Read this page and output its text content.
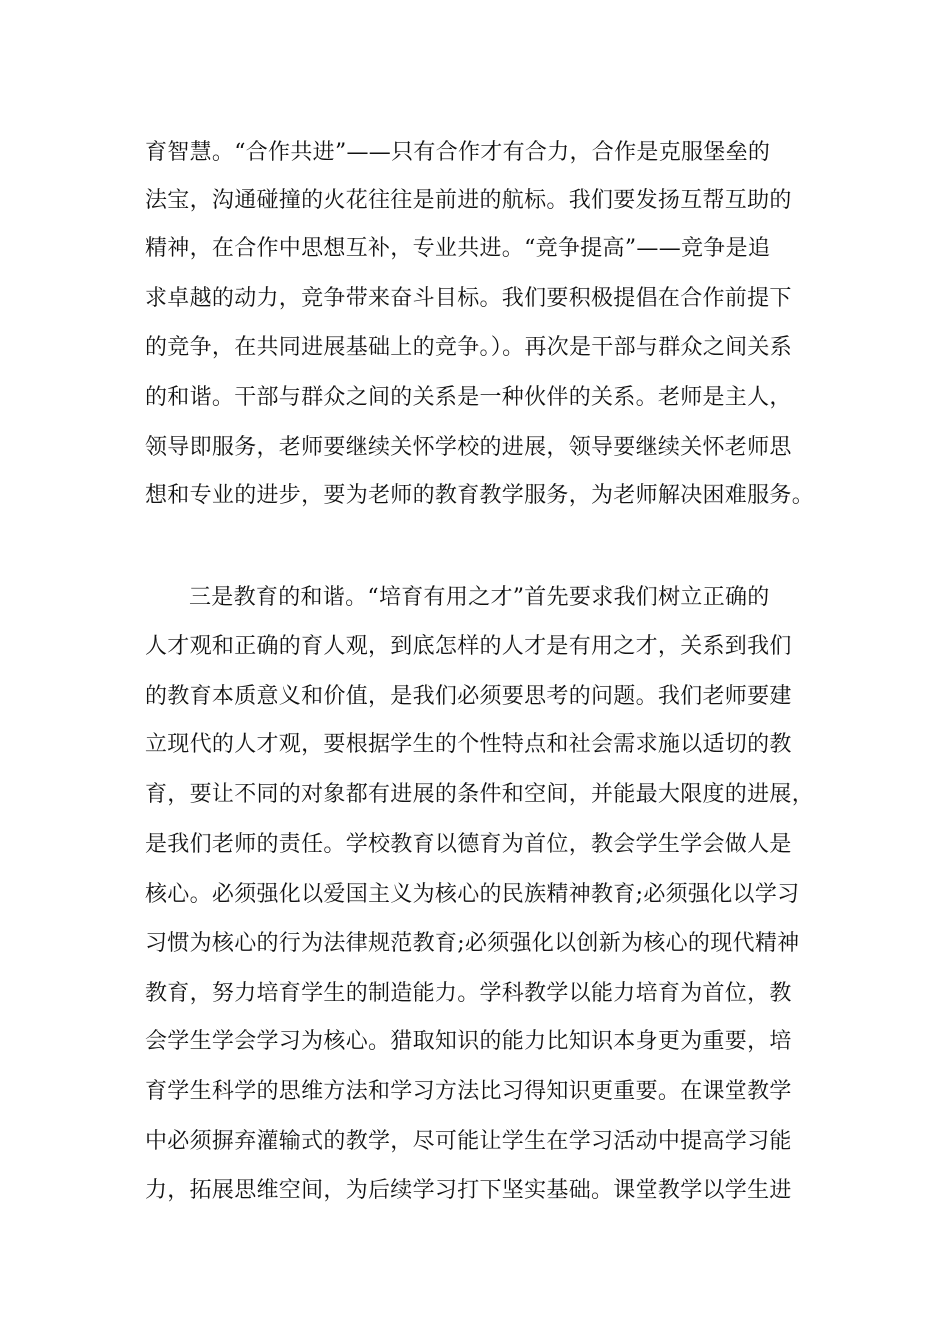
育智慧。“合作共进”——只有合作才有合力，合作是克服堡垒的
法宝，沟通碰撞的火花往往是前进的航标。我们要发扬互帮互助的
精神，在合作中思想互补，专业共进。“竞争提高”——竞争是追
求卓越的动力，竞争带来奋斗目标。我们要积极提倡在合作前提下
的竞争，在共同进展基础上的竞争。）。再次是干部与群众之间关系
的和谐。干部与群众之间的关系是一种伙伴的关系。老师是主人，
领导即服务，老师要继续关怀学校的进展，领导要继续关怀老师思
想和专业的进步，要为老师的教育教学服务，为老师解决困难服务。
三是教育的和谐。“培育有用之才”首先要求我们树立正确的
人才观和正确的育人观，到底怎样的人才是有用之才，关系到我们
的教育本质意义和价值，是我们必须要思考的问题。我们老师要建
立现代的人才观，要根据学生的个性特点和社会需求施以适切的教
育，要让不同的对象都有进展的条件和空间，并能最大限度的进展，
是我们老师的责任。学校教育以德育为首位，教会学生学会做人是
核心。必须强化以爱国主义为核心的民族精神教育;必须强化以学习
习惯为核心的行为法律规范教育;必须强化以创新为核心的现代精神
教育，努力培育学生的制造能力。学科教学以能力培育为首位，教
会学生学会学习为核心。猎取知识的能力比知识本身更为重要，培
育学生科学的思维方法和学习方法比习得知识更重要。在课堂教学
中必须摒弃灌输式的教学，尽可能让学生在学习活动中提高学习能
力，拓展思维空间，为后续学习打下坚实基础。课堂教学以学生进
